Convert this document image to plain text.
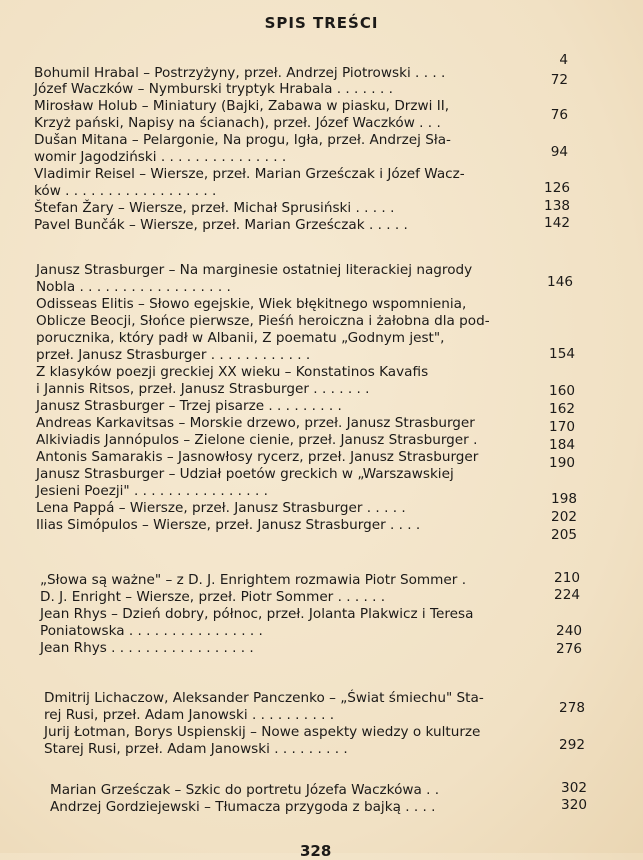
SPIS TREŚCI
Bohumil Hrabal – Postrzyżyny, przeł. Andrzej Piotrowski . . . .
Józef Waczków – Nymburski tryptyk Hrabala . . . . . . .
Mirosław Holub – Miniatury (Bajki, Zabawa w piasku, Drzwi II,
Krzyż pański, Napisy na ścianach), przeł. Józef Waczków . . .
Dušan Mitana – Pelargonie, Na progu, Igła, przeł. Andrzej Sła-
womir Jagodziński . . . . . . . . . . . . . . .
Vladimir Reisel – Wiersze, przeł. Marian Grześczak i Józef Wacz-
ków . . . . . . . . . . . . . . . . . .
Štefan Žary – Wiersze, przeł. Michał Sprusiński . . . . .
Pavel Bunčák – Wiersze, przeł. Marian Grześczak . . . . .
Janusz Strasburger – Na marginesie ostatniej literackiej nagrody
Nobla . . . . . . . . . . . . . . . . . .
Odisseas Elitis – Słowo egejskie, Wiek błękitnego wspomnienia,
Oblicze Beocji, Słońce pierwsze, Pieśń heroiczna i żałobna dla pod-
porucznika, który padł w Albanii, Z poematu „Godnym jest",
przeł. Janusz Strasburger . . . . . . . . . . . .
Z klasyków poezji greckiej XX wieku – Konstatinos Kavafis
i Jannis Ritsos, przeł. Janusz Strasburger . . . . . . .
Janusz Strasburger – Trzej pisarze . . . . . . . . .
Andreas Karkavitsas – Morskie drzewo, przeł. Janusz Strasburger
Alkiviadis Jannópulos – Zielone cienie, przeł. Janusz Strasburger .
Antonis Samarakis – Jasnowłosy rycerz, przeł. Janusz Strasburger
Janusz Strasburger – Udział poetów greckich w „Warszawskiej
Jesieni Poezji" . . . . . . . . . . . . . . . .
Lena Pappá – Wiersze, przeł. Janusz Strasburger . . . . .
Ilias Simópulos – Wiersze, przeł. Janusz Strasburger . . . .
„Słowa są ważne" – z D. J. Enrightem rozmawia Piotr Sommer .
D. J. Enright – Wiersze, przeł. Piotr Sommer . . . . . .
Jean Rhys – Dzień dobry, północ, przeł. Jolanta Plakwicz i Teresa
Poniatowska . . . . . . . . . . . . . . . .
Jean Rhys . . . . . . . . . . . . . . . . .
Dmitrij Lichaczow, Aleksander Panczenko – „Świat śmiechu" Sta-
rej Rusi, przeł. Adam Janowski . . . . . . . . . .
Jurij Łotman, Borys Uspienskij – Nowe aspekty wiedzy o kulturze
Starej Rusi, przeł. Adam Janowski . . . . . . . . .
Marian Grześczak – Szkic do portretu Józefa Waczkówa . .
Andrzej Gordziejewski – Tłumacza przygoda z bajką . . . .
4
72
76
94
126
138
142
146
154
160
162
170
184
190
198
202
205
210
224
240
276
278
292
302
320
328
